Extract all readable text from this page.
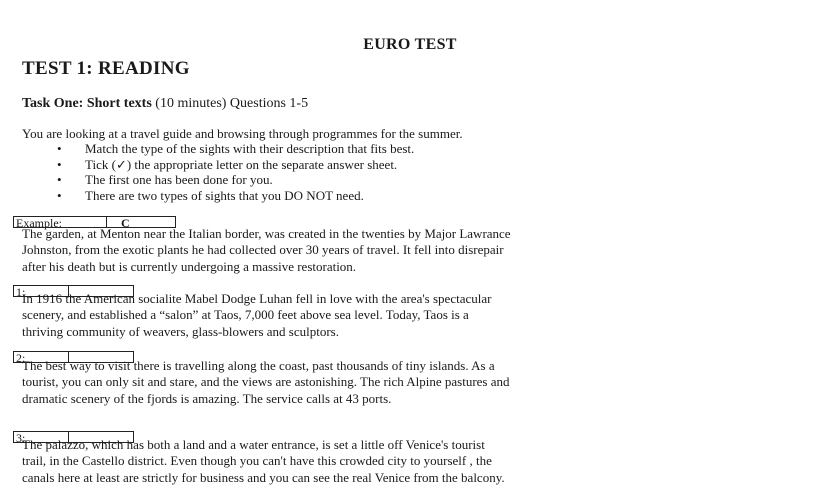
EURO TEST
TEST 1: READING
Task One: Short texts (10 minutes) Questions 1-5
You are looking at a travel guide and browsing through programmes for the summer.
• Match the type of the sights with their description that fits best.
• Tick (✓) the appropriate letter on the separate answer sheet.
• The first one has been done for you.
• There are two types of sights that you DO NOT need.
Example:	C
The garden, at Menton near the Italian border, was created in the twenties by Major Lawrance
Johnston, from the exotic plants he had collected over 30 years of travel. It fell into disrepair
after his death but is currently undergoing a massive restoration.
1:
In 1916 the American socialite Mabel Dodge Luhan fell in love with the area's spectacular
scenery, and established a “salon” at Taos, 7,000 feet above sea level. Today, Taos is a
thriving community of weavers, glass-blowers and sculptors.
2:
The best way to visit there is travelling along the coast, past thousands of tiny islands. As a
tourist, you can only sit and stare, and the views are astonishing. The rich Alpine pastures and
dramatic scenery of the fjords is amazing. The service calls at 43 ports.
3:
The palazzo, which has both a land and a water entrance, is set a little off Venice's tourist
trail, in the Castello district. Even though you can't have this crowded city to yourself , the
canals here at least are strictly for business and you can see the real Venice from the balcony.
